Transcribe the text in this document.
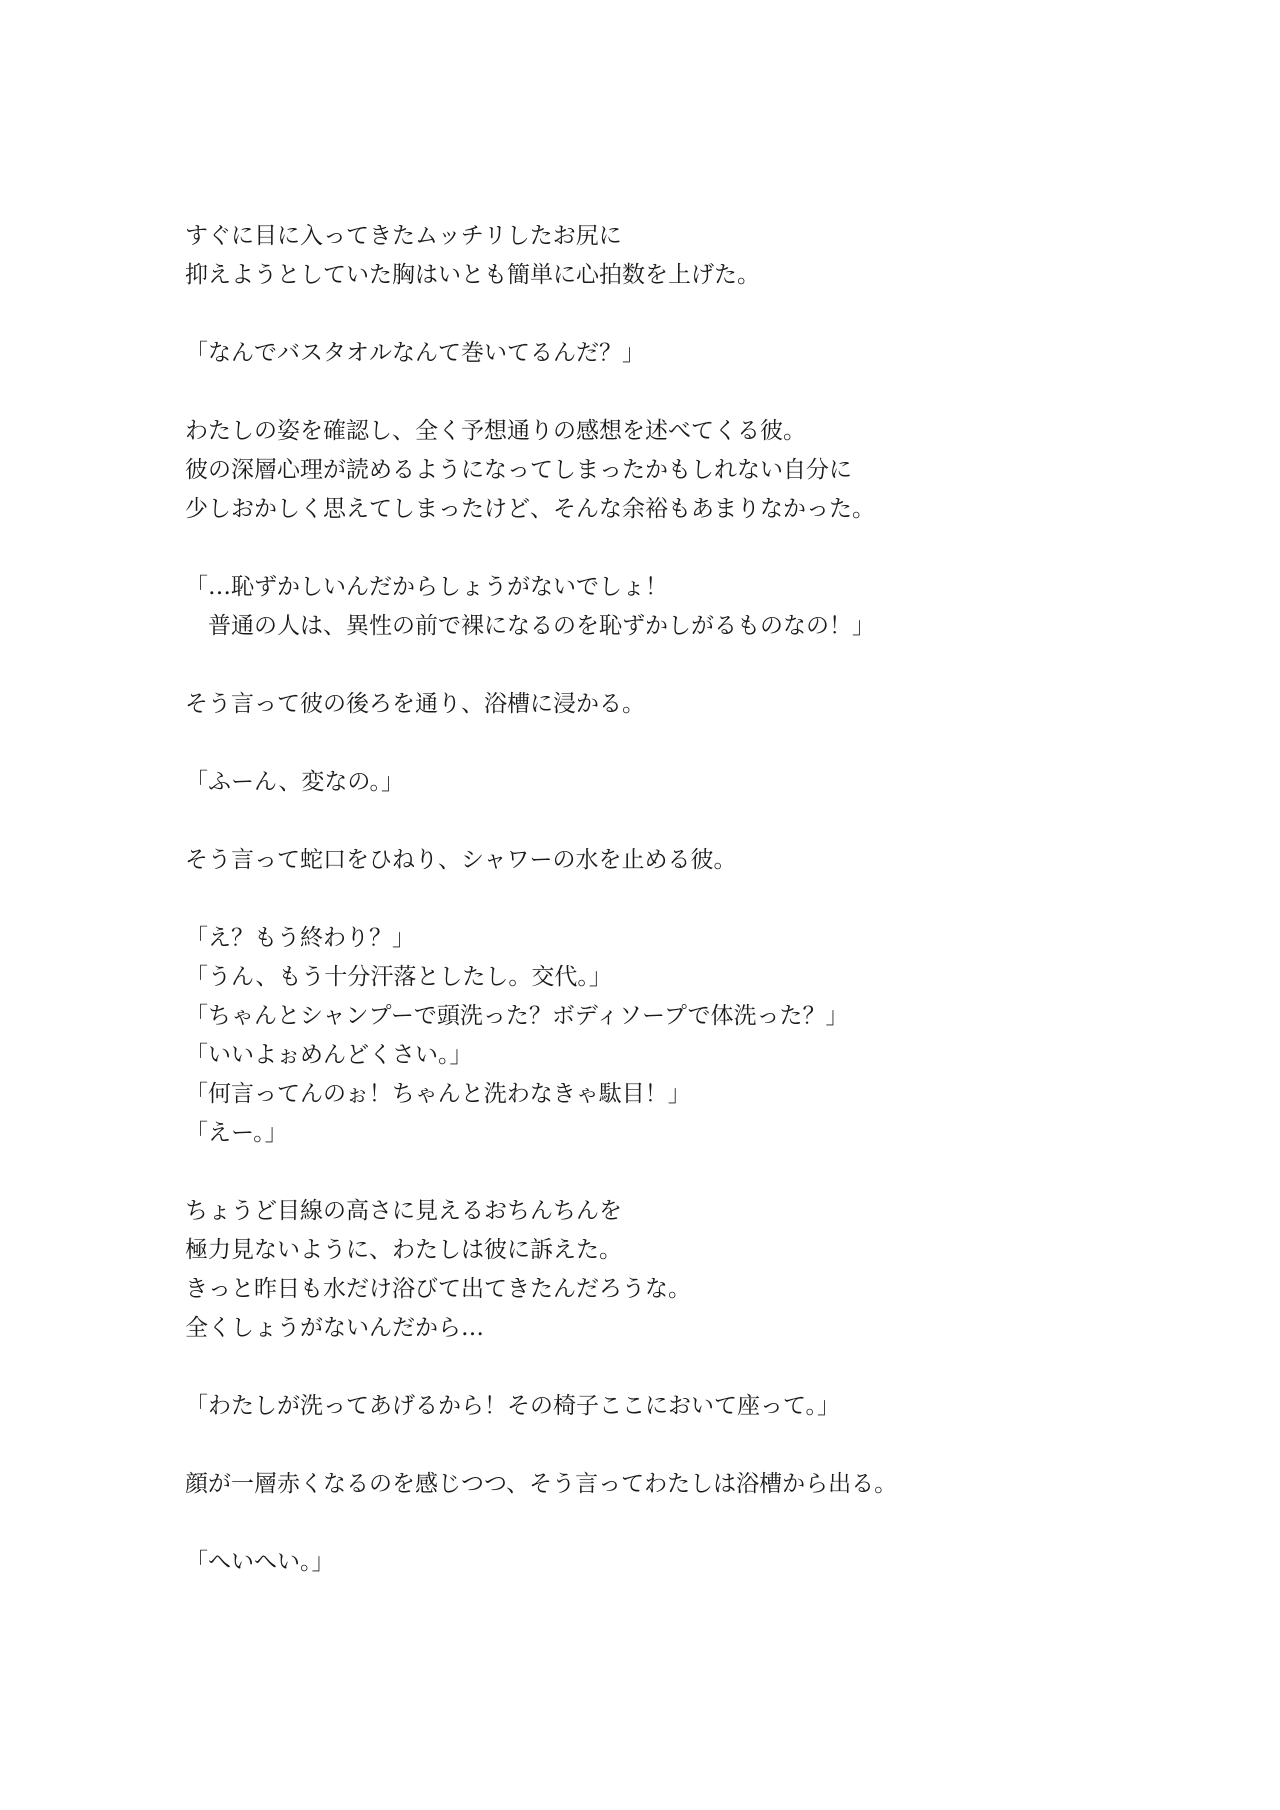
すぐに目に入ってきたムッチリしたお尻に
抑えようとしていた胸はいとも簡単に心拍数を上げた。
「なんでバスタオルなんて巻いてるんだ？」
わたしの姿を確認し、全く予想通りの感想を述べてくる彼。
彼の深層心理が読めるようになってしまったかもしれない自分に
少しおかしく思えてしまったけど、そんな余裕もあまりなかった。
「…恥ずかしいんだからしょうがないでしょ！
普通の人は、異性の前で裸になるのを恥ずかしがるものなの！」
そう言って彼の後ろを通り、浴槽に浸かる。
「ふーん、変なの。」
そう言って蛇口をひねり、シャワーの水を止める彼。
「え？もう終わり？」
「うん、もう十分汗落としたし。交代。」
「ちゃんとシャンプーで頭洗った？ボディソープで体洗った？」
「いいよぉめんどくさい。」
「何言ってんのぉ！ちゃんと洗わなきゃ駄目！」
「えー。」
ちょうど目線の高さに見えるおちんちんを
極力見ないように、わたしは彼に訴えた。
きっと昨日も水だけ浴びて出てきたんだろうな。
全くしょうがないんだから…
「わたしが洗ってあげるから！その椅子ここにおいて座って。」
顔が一層赤くなるのを感じつつ、そう言ってわたしは浴槽から出る。
「へいへい。」
